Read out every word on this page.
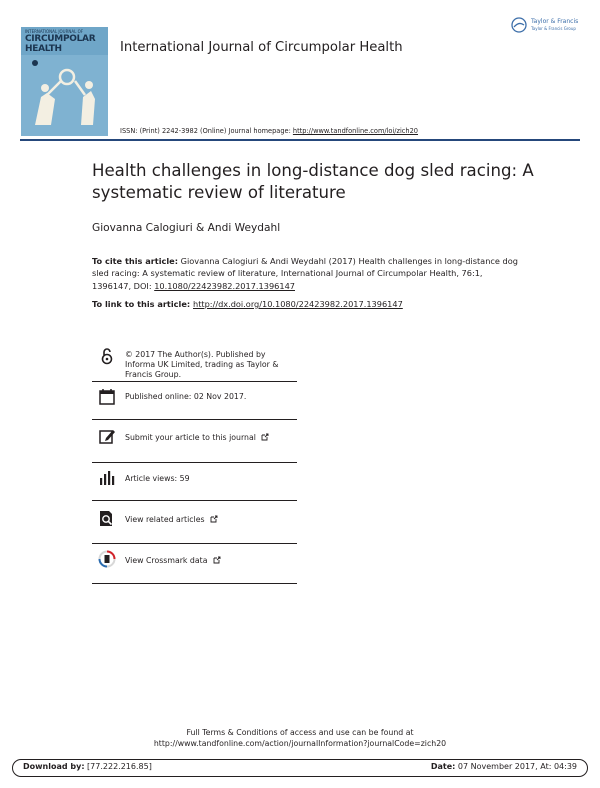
INTERNATIONAL JOURNAL OF
CIRCUMPOLAR
HEALTH	International Journal of Circumpolar Health
ISSN: (Print) 2242-3982 (Online) Journal homepage: http://www.tandfonline.com/loi/zich20
Taylor & Francis
Taylor & Francis Group
Health challenges in long-distance dog sled racing: A systematic review of literature
Giovanna Calogiuri & Andi Weydahl
To cite this article: Giovanna Calogiuri & Andi Weydahl (2017) Health challenges in long-distance dog sled racing: A systematic review of literature, International Journal of Circumpolar Health, 76:1, 1396147, DOI: 10.1080/22423982.2017.1396147
To link to this article: http://dx.doi.org/10.1080/22423982.2017.1396147
© 2017 The Author(s). Published by Informa UK Limited, trading as Taylor & Francis Group.
Published online: 02 Nov 2017.
Submit your article to this journal
Article views: 59
View related articles
View Crossmark data
Full Terms & Conditions of access and use can be found at
http://www.tandfonline.com/action/journalInformation?journalCode=zich20
Download by: [77.222.216.85]	Date: 07 November 2017, At: 04:39
